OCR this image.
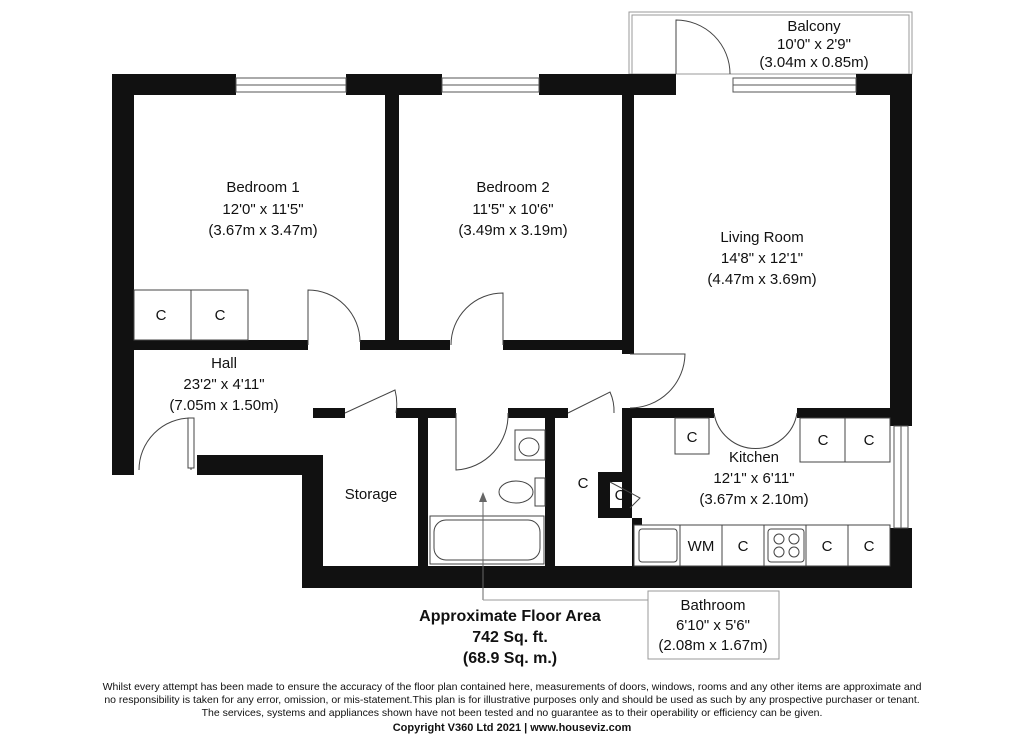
Balcony
10'0" x 2'9"
(3.04m x 0.85m)
Bedroom 1
12'0" x 11'5"
(3.67m x 3.47m)
Bedroom 2
11'5" x 10'6"
(3.49m x 3.19m)	Living Room
14'8" x 12'1"
(4.47m x 3.69m)
Hall
23'2" x 4'11"
(7.05m x 1.50m)
Kitchen
12'1" x 6'11"
(3.67m x 2.10m)
Storage
Bathroom
6'10" x 5'6"
(2.08m x 1.67m)
C	C
C
C
C	C C
WM C	C C
Approximate Floor Area
742 Sq. ft.
(68.9 Sq. m.)
Whilst every attempt has been made to ensure the accuracy of the floor plan contained here, measurements of doors, windows, rooms and any other items are approximate and
no responsibility is taken for any error, omission, or mis-statement.This plan is for illustrative purposes only and should be used as such by any prospective purchaser or tenant.
The services, systems and appliances shown have not been tested and no guarantee as to their operability or efficiency can be given.
Copyright V360 Ltd 2021 | www.houseviz.com
